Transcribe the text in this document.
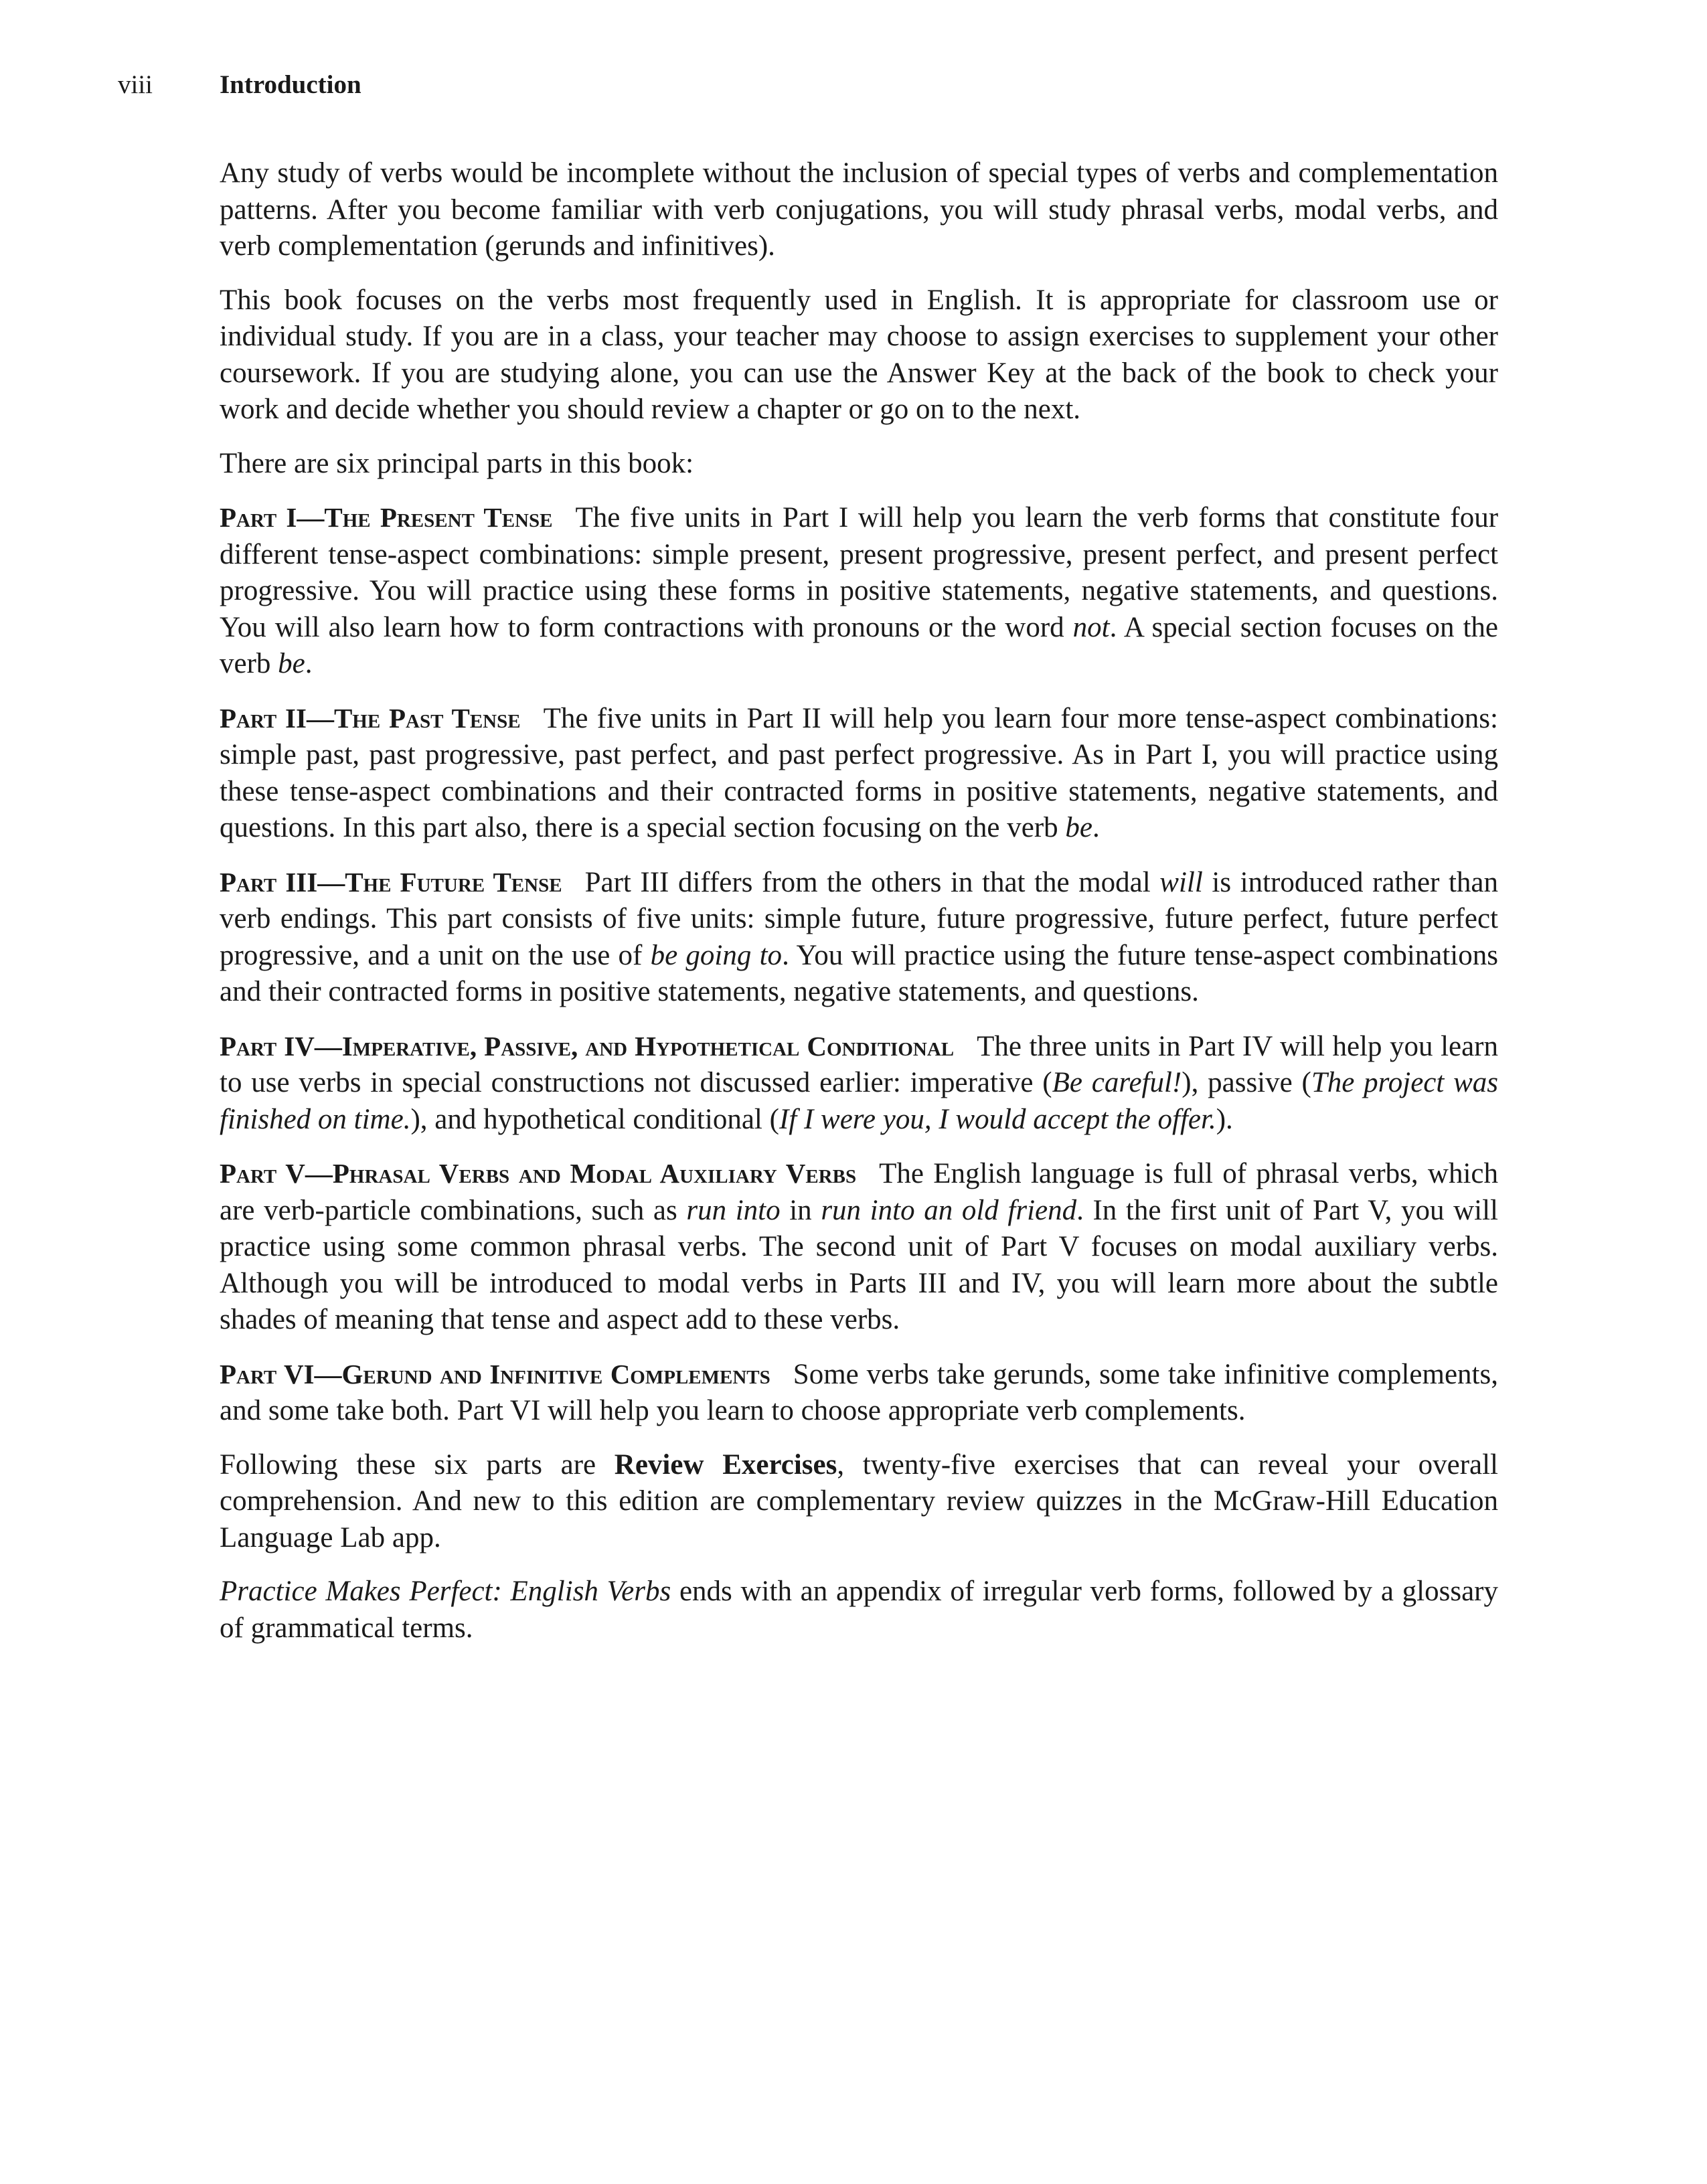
viii	Introduction

Any study of verbs would be incomplete without the inclusion of special types of verbs and complementation patterns. After you become familiar with verb conjugations, you will study phrasal verbs, modal verbs, and verb complementation (gerunds and infinitives).

This book focuses on the verbs most frequently used in English. It is appropriate for classroom use or individual study. If you are in a class, your teacher may choose to assign exercises to supplement your other coursework. If you are studying alone, you can use the Answer Key at the back of the book to check your work and decide whether you should review a chapter or go on to the next.

There are six principal parts in this book:

Part I—The Present Tense The five units in Part I will help you learn the verb forms that constitute four different tense-aspect combinations: simple present, present progressive, present perfect, and present perfect progressive. You will practice using these forms in positive statements, negative statements, and questions. You will also learn how to form contractions with pronouns or the word not. A special section focuses on the verb be.

Part II—The Past Tense The five units in Part II will help you learn four more tense-aspect combinations: simple past, past progressive, past perfect, and past perfect progressive. As in Part I, you will practice using these tense-aspect combinations and their contracted forms in positive statements, negative statements, and questions. In this part also, there is a special section focusing on the verb be.

Part III—The Future Tense Part III differs from the others in that the modal will is introduced rather than verb endings. This part consists of five units: simple future, future progressive, future perfect, future perfect progressive, and a unit on the use of be going to. You will practice using the future tense-aspect combinations and their contracted forms in positive statements, negative statements, and questions.

Part IV—Imperative, Passive, and Hypothetical Conditional The three units in Part IV will help you learn to use verbs in special constructions not discussed earlier: imperative (Be careful!), passive (The project was finished on time.), and hypothetical conditional (If I were you, I would accept the offer.).

Part V—Phrasal Verbs and Modal Auxiliary Verbs The English language is full of phrasal verbs, which are verb-particle combinations, such as run into in run into an old friend. In the first unit of Part V, you will practice using some common phrasal verbs. The second unit of Part V focuses on modal auxiliary verbs. Although you will be introduced to modal verbs in Parts III and IV, you will learn more about the subtle shades of meaning that tense and aspect add to these verbs.

Part VI—Gerund and Infinitive Complements Some verbs take gerunds, some take infinitive complements, and some take both. Part VI will help you learn to choose appropriate verb complements.

Following these six parts are Review Exercises, twenty-five exercises that can reveal your overall comprehension. And new to this edition are complementary review quizzes in the McGraw-Hill Education Language Lab app.

Practice Makes Perfect: English Verbs ends with an appendix of irregular verb forms, followed by a glossary of grammatical terms.
